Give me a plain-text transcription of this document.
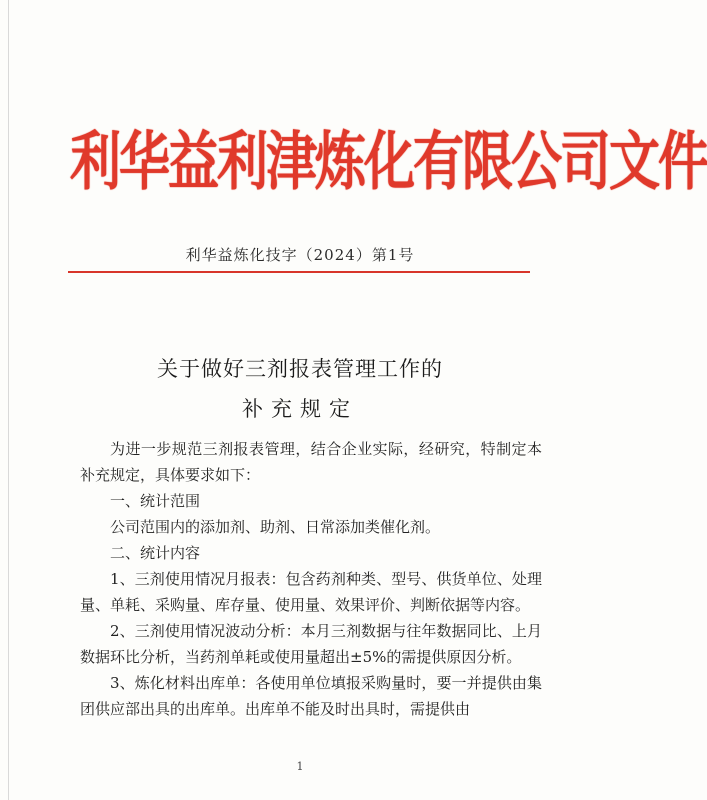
利华益利津炼化有限公司文件
利华益炼化技字（2024）第1号
关于做好三剂报表管理工作的
补充规定

为进一步规范三剂报表管理，结合企业实际，经研究，特制定本补充规定，具体要求如下：

一、统计范围

公司范围内的添加剂、助剂、日常添加类催化剂。

二、统计内容

1、三剂使用情况月报表：包含药剂种类、型号、供货单位、处理量、单耗、采购量、库存量、使用量、效果评价、判断依据等内容。

2、三剂使用情况波动分析：本月三剂数据与往年数据同比、上月数据环比分析，当药剂单耗或使用量超出±5%的需提供原因分析。

3、炼化材料出库单：各使用单位填报采购量时，要一并提供由集团供应部出具的出库单。出库单不能及时出具时，需提供由

1
